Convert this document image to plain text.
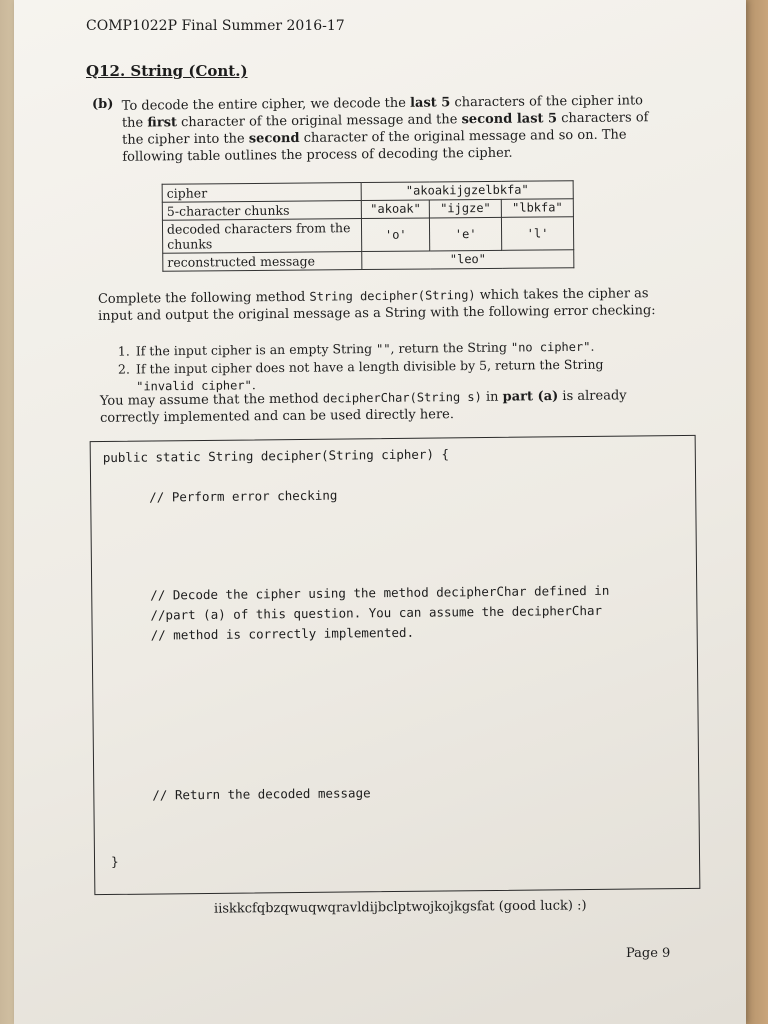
COMP1022P Final Summer 2016-17
Q12. String (Cont.)
(b) To decode the entire cipher, we decode the last 5 characters of the cipher into the first character of the original message and the second last 5 characters of the cipher into the second character of the original message and so on. The following table outlines the process of decoding the cipher.
cipher	"akoakijgzelbkfa"		
5-character chunks	"akoak"	"ijgze"	"lbkfa"
decoded characters from the chunks	'o'	'e'	'l'
reconstructed message	"leo"		
Complete the following method String decipher(String) which takes the cipher as input and output the original message as a String with the following error checking:
1. If the input cipher is an empty String "", return the String "no cipher".
2. If the input cipher does not have a length divisible by 5, return the String "invalid cipher".
You may assume that the method decipherChar(String s) in part (a) is already correctly implemented and can be used directly here.
public static String decipher(String cipher) {
// Perform error checking
// Decode the cipher using the method decipherChar defined in
//part (a) of this question. You can assume the decipherChar
// method is correctly implemented.
// Return the decoded message
}
iiskkcfqbzqwuqwqravldijbclptwojkojkgsfat (good luck) :)
Page 9
